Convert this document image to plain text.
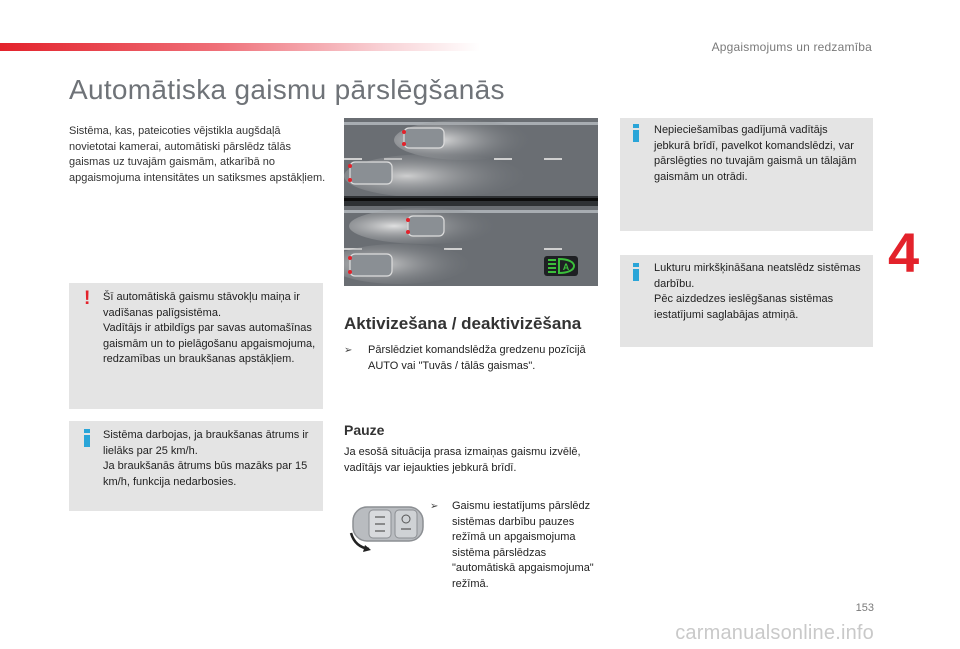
Apgaismojums un redzamība
Automātiska gaismu pārslēgšanās

Sistēma, kas, pateicoties vējstikla augšdaļā novietotai kamerai, automātiski pārslēdz tālās gaismas uz tuvajām gaismām, atkarībā no apgaismojuma intensitātes un satiksmes apstākļiem.

! Šī automātiskā gaismu stāvokļu maiņa ir vadīšanas palīgsistēma.
Vadītājs ir atbildīgs par savas automašīnas gaismām un to pielāgošanu apgaismojuma, redzamības un braukšanas apstākļiem.
Sistēma darbojas, ja braukšanas ātrums ir lielāks par 25 km/h.
Ja braukšanās ātrums būs mazāks par 15 km/h, funkcija nedarbosies.
A
Aktivizešana / deaktivizēšana
➢ Pārslēdziet komandslēdža gredzenu pozīcijā AUTO vai "Tuvās / tālās gaismas".
Pauze

Ja esošā situācija prasa izmaiņas gaismu izvēlē, vadītājs var iejaukties jebkurā brīdī.

➢ Gaismu iestatījums pārslēdz sistēmas darbību pauzes režīmā un apgaismojuma sistēma pārslēdzas "automātiskā apgaismojuma" režīmā.
Nepieciešamības gadījumā vadītājs jebkurā brīdī, pavelkot komandslēdzi, var pārslēgties no tuvajām gaismā un tālajām gaismām un otrādi.
Lukturu mirkšķināšana neatslēdz sistēmas darbību.
Pēc aizdedzes ieslēgšanas sistēmas iestatījumi saglabājas atmiņā.
4
153
carmanualsonline.info
